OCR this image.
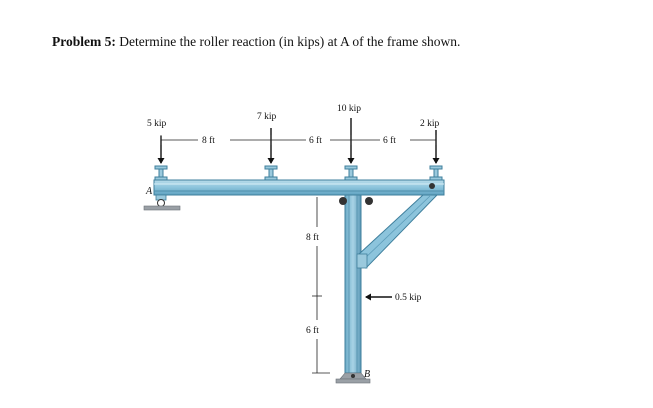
Problem 5: Determine the roller reaction (in kips) at A of the frame shown.
5 kip
7 kip
10 kip
2 kip
0.5 kip
8 ft	6 ft	6 ft
8 ft
6 ft
A
B
